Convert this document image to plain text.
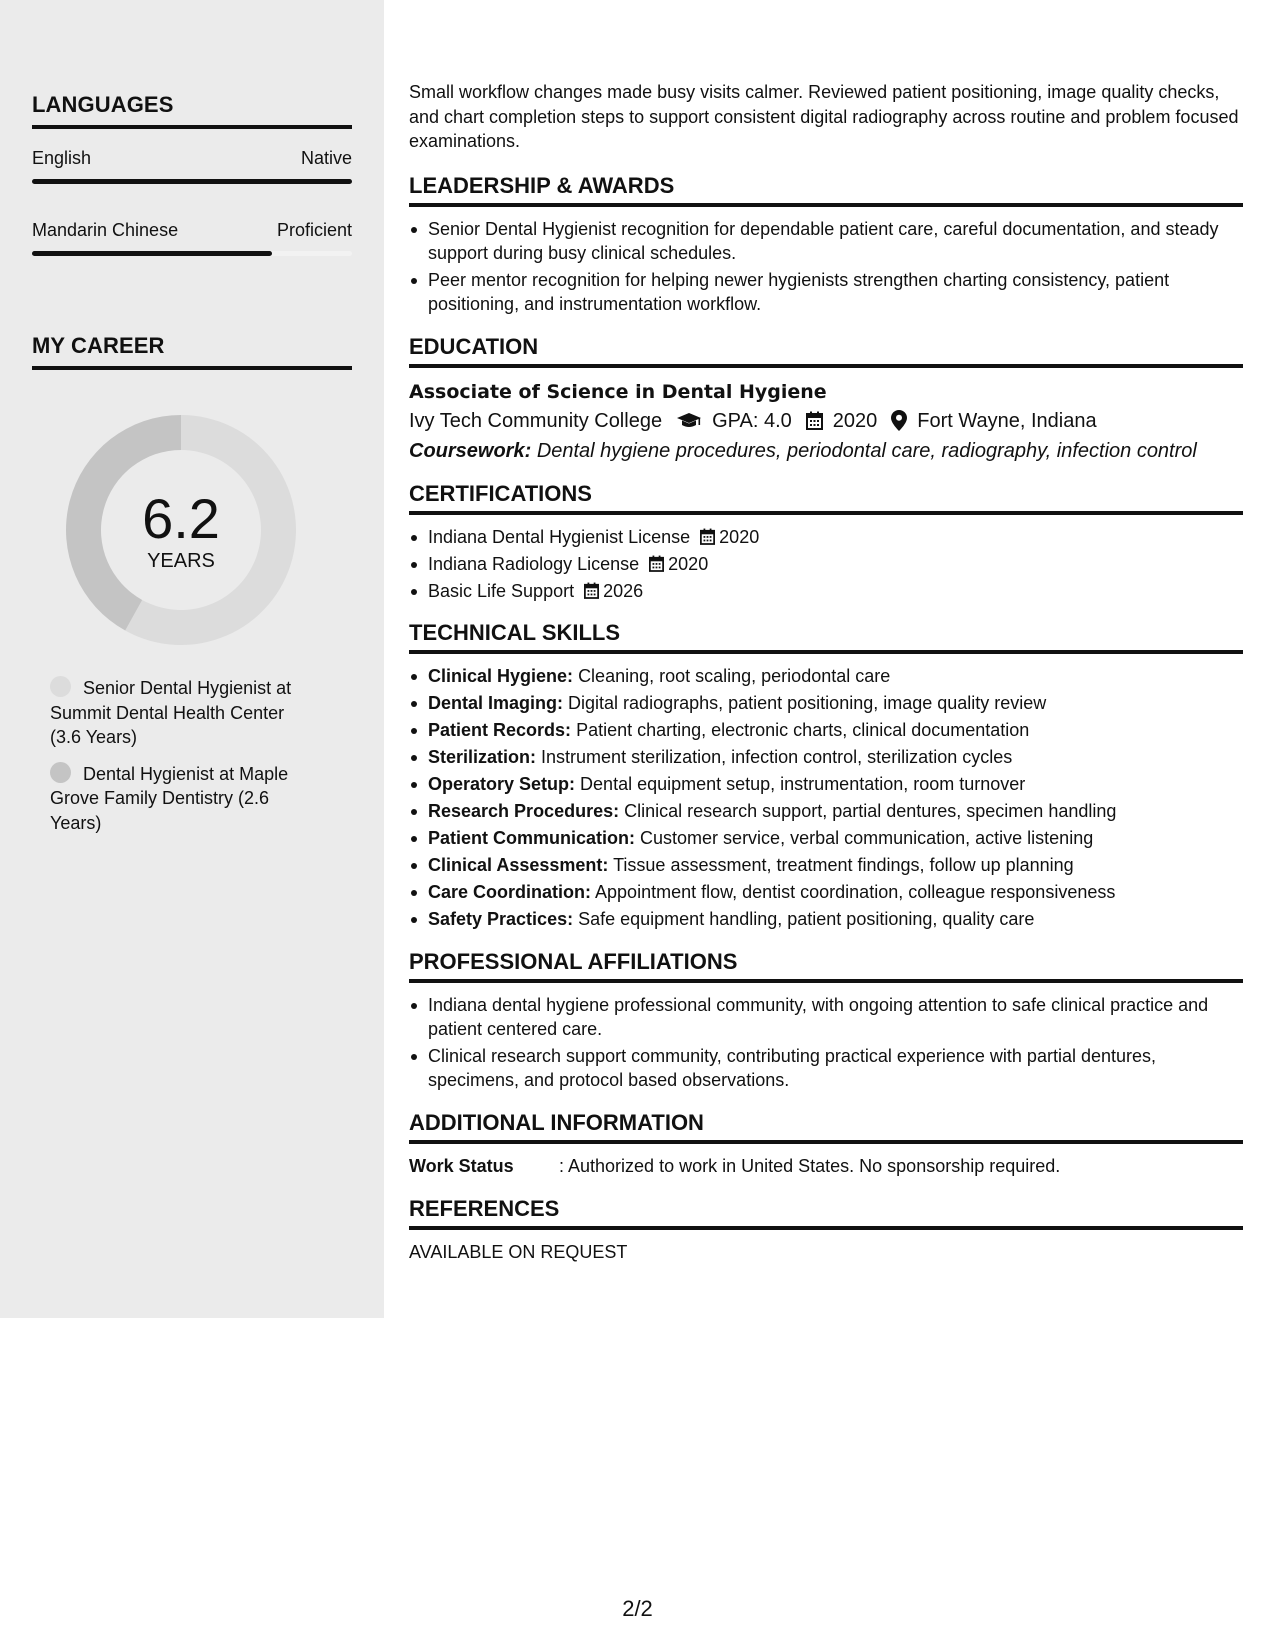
LANGUAGES
English	Native
Mandarin Chinese	Proficient
MY CAREER
6.2
YEARS
Senior Dental Hygienist at Summit Dental Health Center (3.6 Years)
Dental Hygienist at Maple Grove Family Dentistry (2.6 Years)

Small workflow changes made busy visits calmer. Reviewed patient positioning, image quality checks, and chart completion steps to support consistent digital radiography across routine and problem focused examinations.

LEADERSHIP & AWARDS
Senior Dental Hygienist recognition for dependable patient care, careful documentation, and steady support during busy clinical schedules.
Peer mentor recognition for helping newer hygienists strengthen charting consistency, patient positioning, and instrumentation workflow.
EDUCATION
Associate of Science in Dental Hygiene
Ivy Tech Community College	GPA: 4.0 2020 Fort Wayne, Indiana
Coursework: Dental hygiene procedures, periodontal care, radiography, infection control
CERTIFICATIONS
Indiana Dental Hygienist License 2020
Indiana Radiology License 2020
Basic Life Support 2026
TECHNICAL SKILLS
Clinical Hygiene: Cleaning, root scaling, periodontal care
Dental Imaging: Digital radiographs, patient positioning, image quality review
Patient Records: Patient charting, electronic charts, clinical documentation
Sterilization: Instrument sterilization, infection control, sterilization cycles
Operatory Setup: Dental equipment setup, instrumentation, room turnover
Research Procedures: Clinical research support, partial dentures, specimen handling
Patient Communication: Customer service, verbal communication, active listening
Clinical Assessment: Tissue assessment, treatment findings, follow up planning
Care Coordination: Appointment flow, dentist coordination, colleague responsiveness
Safety Practices: Safe equipment handling, patient positioning, quality care
PROFESSIONAL AFFILIATIONS
Indiana dental hygiene professional community, with ongoing attention to safe clinical practice and patient centered care.
Clinical research support community, contributing practical experience with partial dentures, specimens, and protocol based observations.
ADDITIONAL INFORMATION
Work Status	: Authorized to work in United States. No sponsorship required.
REFERENCES
AVAILABLE ON REQUEST
2/2
